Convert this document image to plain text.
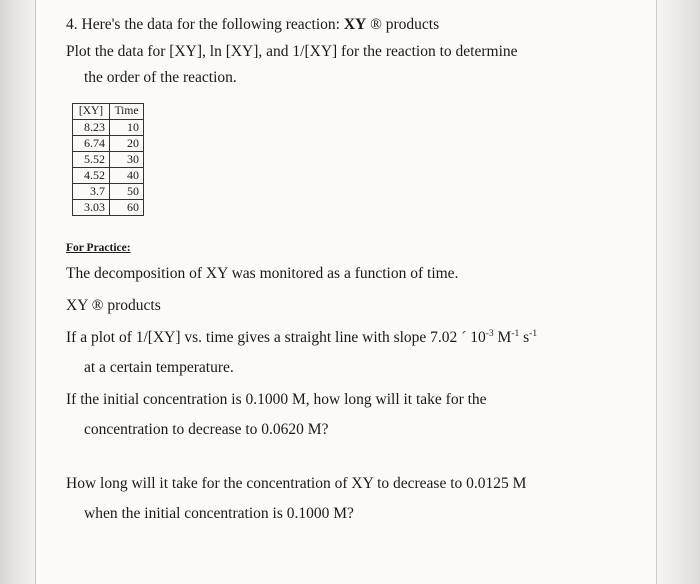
4. Here's the data for the following reaction: XY ® products
Plot the data for [XY], ln [XY], and 1/[XY] for the reaction to determine
the order of the reaction.
[XY]	Time
8.23	10
6.74	20
5.52	30
4.52	40
3.7	50
3.03	60
For Practice:
The decomposition of XY was monitored as a function of time.
XY ® products
If a plot of 1/[XY] vs. time gives a straight line with slope 7.02 ´ $10^{-3}$ $M^{-1}$ $s^{-1}$
at a certain temperature.
If the initial concentration is 0.1000 M, how long will it take for the
concentration to decrease to 0.0620 M?
How long will it take for the concentration of XY to decrease to 0.0125 M
when the initial concentration is 0.1000 M?
